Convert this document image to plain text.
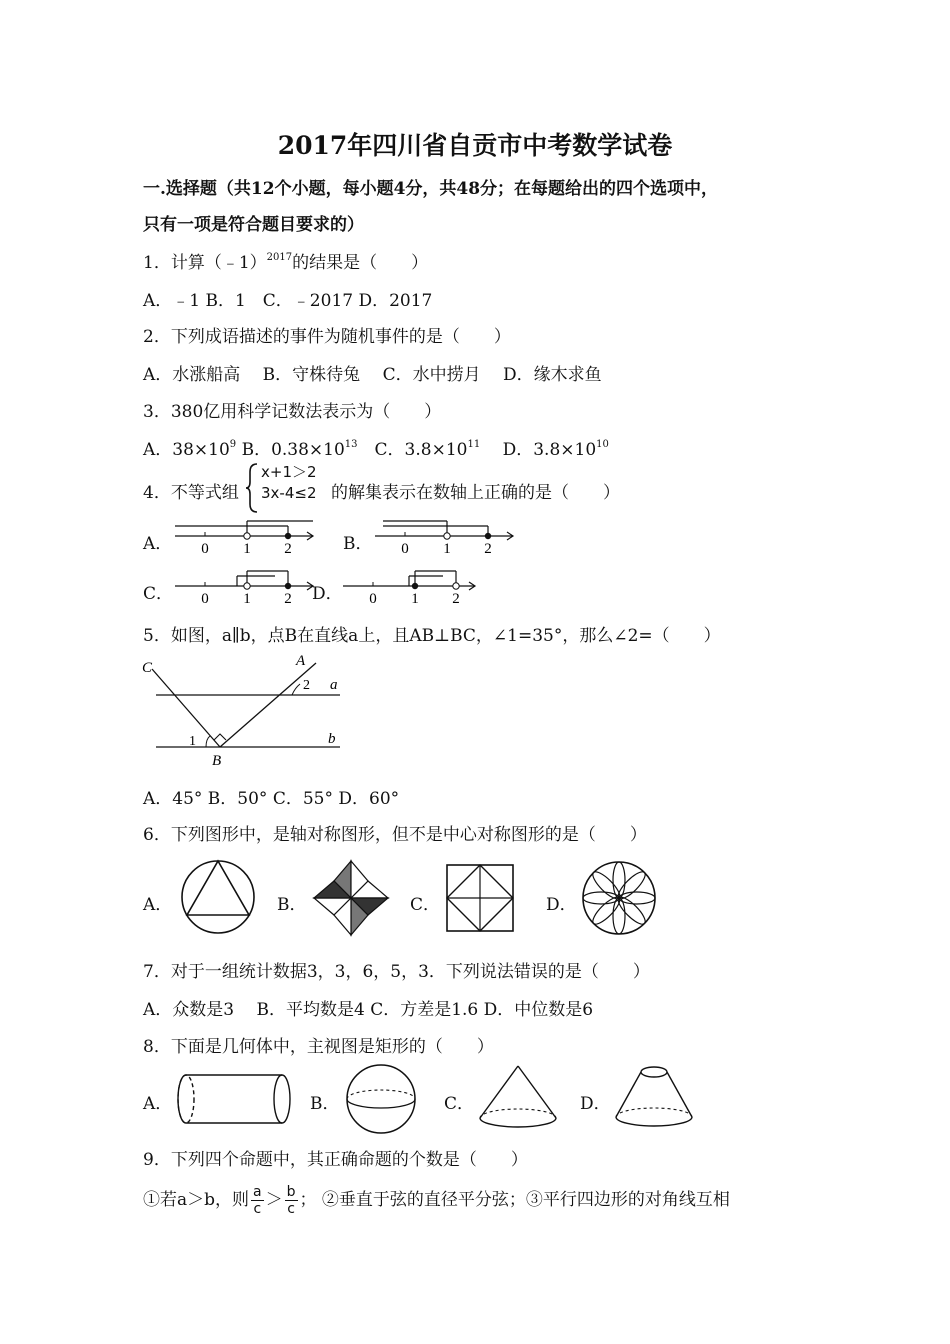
2017年四川省自贡市中考数学试卷
一.选择题（共12个小题，每小题4分，共48分；在每题给出的四个选项中，
只有一项是符合题目要求的）
1．计算（﹣1）$^{2017}$的结果是（　　）
A．﹣1 B．1　C．﹣2017 D．2017
2．下列成语描述的事件为随机事件的是（　　）
A．水涨船高　 B．守株待兔　 C．水中捞月　 D．缘木求鱼
3．380亿用科学记数法表示为（　　）
A．$38\times 10^9$ B．$0.38\times 10^{13}$　C．$3.8\times 10^{11}$　 D．$3.8\times 10^{10}$
4．不等式组
x+1＞2
3x-4≤2 的解集表示在数轴上正确的是（　　）
A． 0 1 2	B． 0 1 2
C． 0 1 2 D． 0 1 2
5．如图，a∥b，点B在直线a上，且AB⊥BC，∠1=35°，那么∠2=（　　）
C	A
B
a
b
1
2
A．45° B．50° C．55° D．60°
6．下列图形中，是轴对称图形，但不是中心对称图形的是（　　）
A．	B．	C．	D．
7．对于一组统计数据3，3，6，5，3．下列说法错误的是（　　）
A．众数是3　 B．平均数是4 C．方差是1.6 D．中位数是6
8．下面是几何体中，主视图是矩形的（　　）
A．	B．	C．	D．
9．下列四个命题中，其正确命题的个数是（　　）
①若a＞b，则 $\frac{a}{c} > \frac{b}{c}$ ； ②垂直于弦的直径平分弦；③平行四边形的对角线互相
